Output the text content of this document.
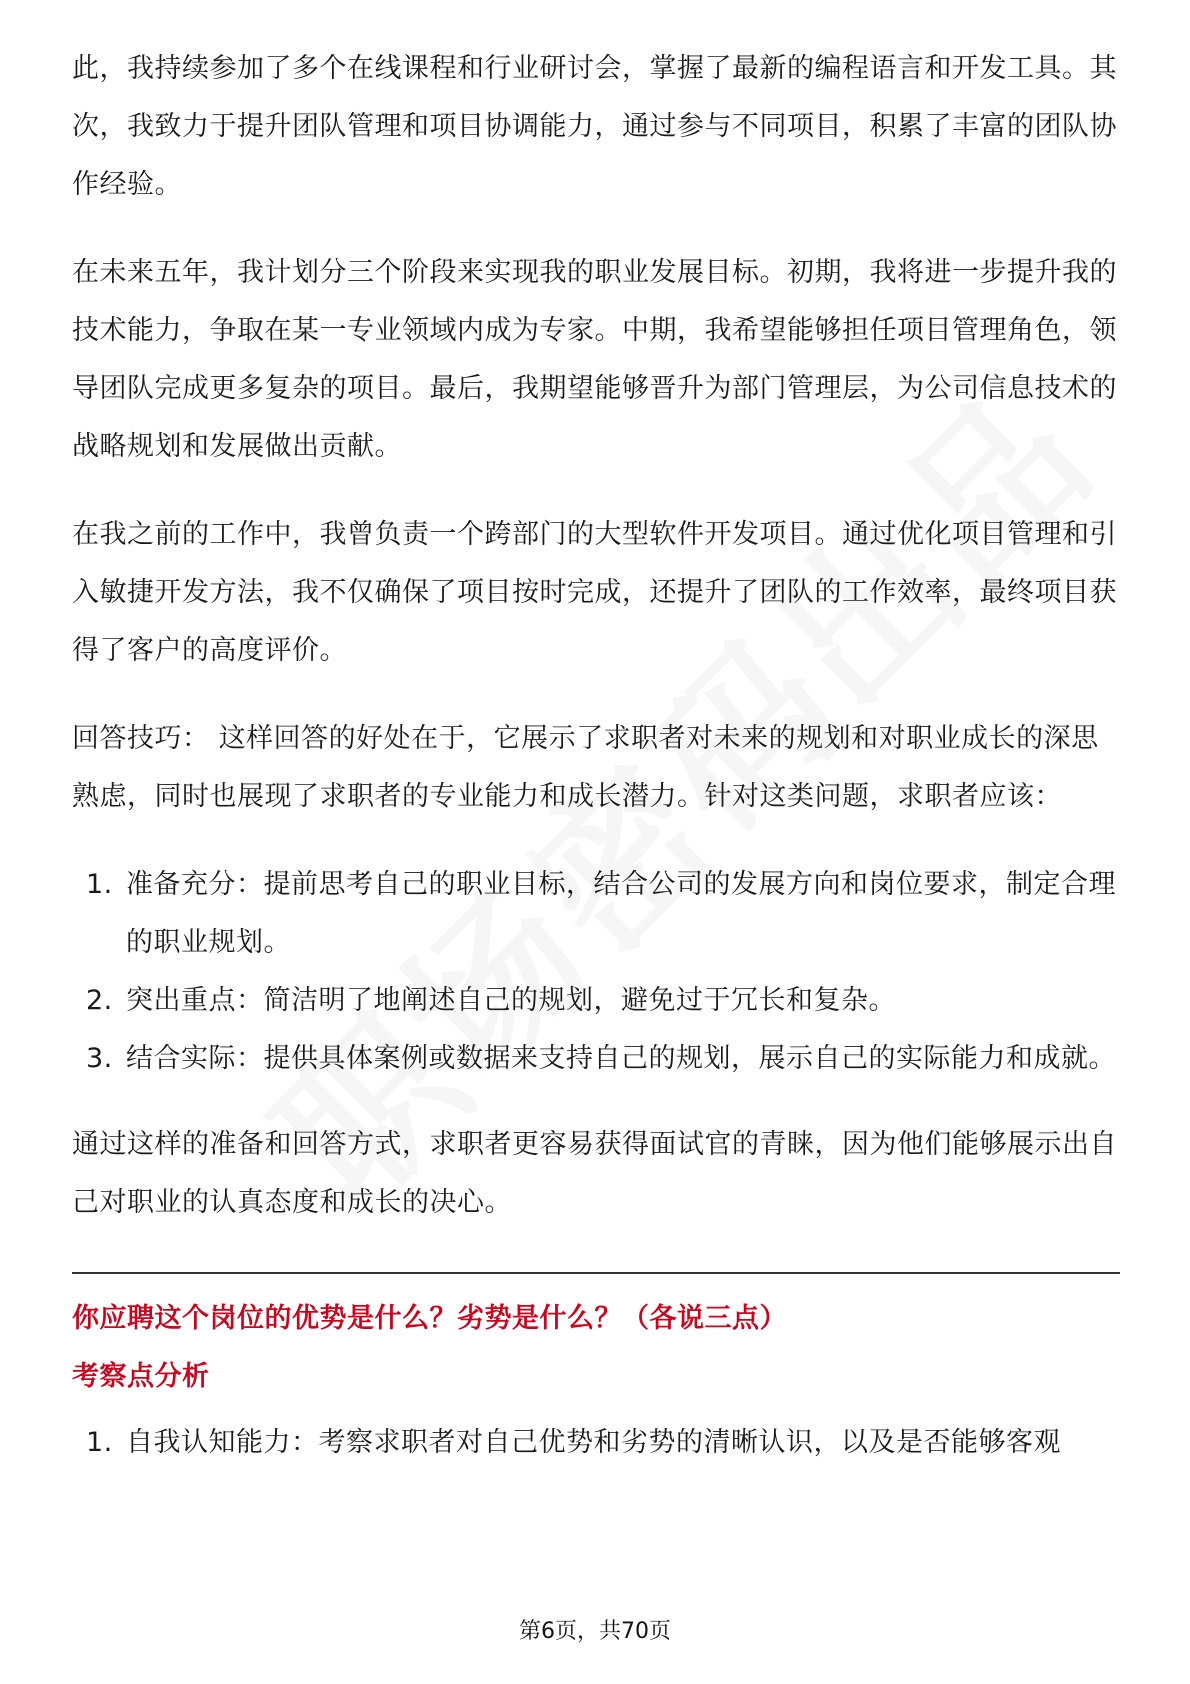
此，我持续参加了多个在线课程和行业研讨会，掌握了最新的编程语言和开发工具。其次，我致力于提升团队管理和项目协调能力，通过参与不同项目，积累了丰富的团队协作经验。

在未来五年，我计划分三个阶段来实现我的职业发展目标。初期，我将进一步提升我的技术能力，争取在某一专业领域内成为专家。中期，我希望能够担任项目管理角色，领导团队完成更多复杂的项目。最后，我期望能够晋升为部门管理层，为公司信息技术的战略规划和发展做出贡献。

在我之前的工作中，我曾负责一个跨部门的大型软件开发项目。通过优化项目管理和引入敏捷开发方法，我不仅确保了项目按时完成，还提升了团队的工作效率，最终项目获得了客户的高度评价。

回答技巧： 这样回答的好处在于，它展示了求职者对未来的规划和对职业成长的深思熟虑，同时也展现了求职者的专业能力和成长潜力。针对这类问题，求职者应该：

1. 准备充分：提前思考自己的职业目标，结合公司的发展方向和岗位要求，制定合理的职业规划。
2. 突出重点：简洁明了地阐述自己的规划，避免过于冗长和复杂。
3. 结合实际：提供具体案例或数据来支持自己的规划，展示自己的实际能力和成就。

通过这样的准备和回答方式，求职者更容易获得面试官的青睐，因为他们能够展示出自己对职业的认真态度和成长的决心。

你应聘这个岗位的优势是什么？劣势是什么？（各说三点）

考察点分析

1. 自我认知能力：考察求职者对自己优势和劣势的清晰认识，以及是否能够客观
第6页，共70页
